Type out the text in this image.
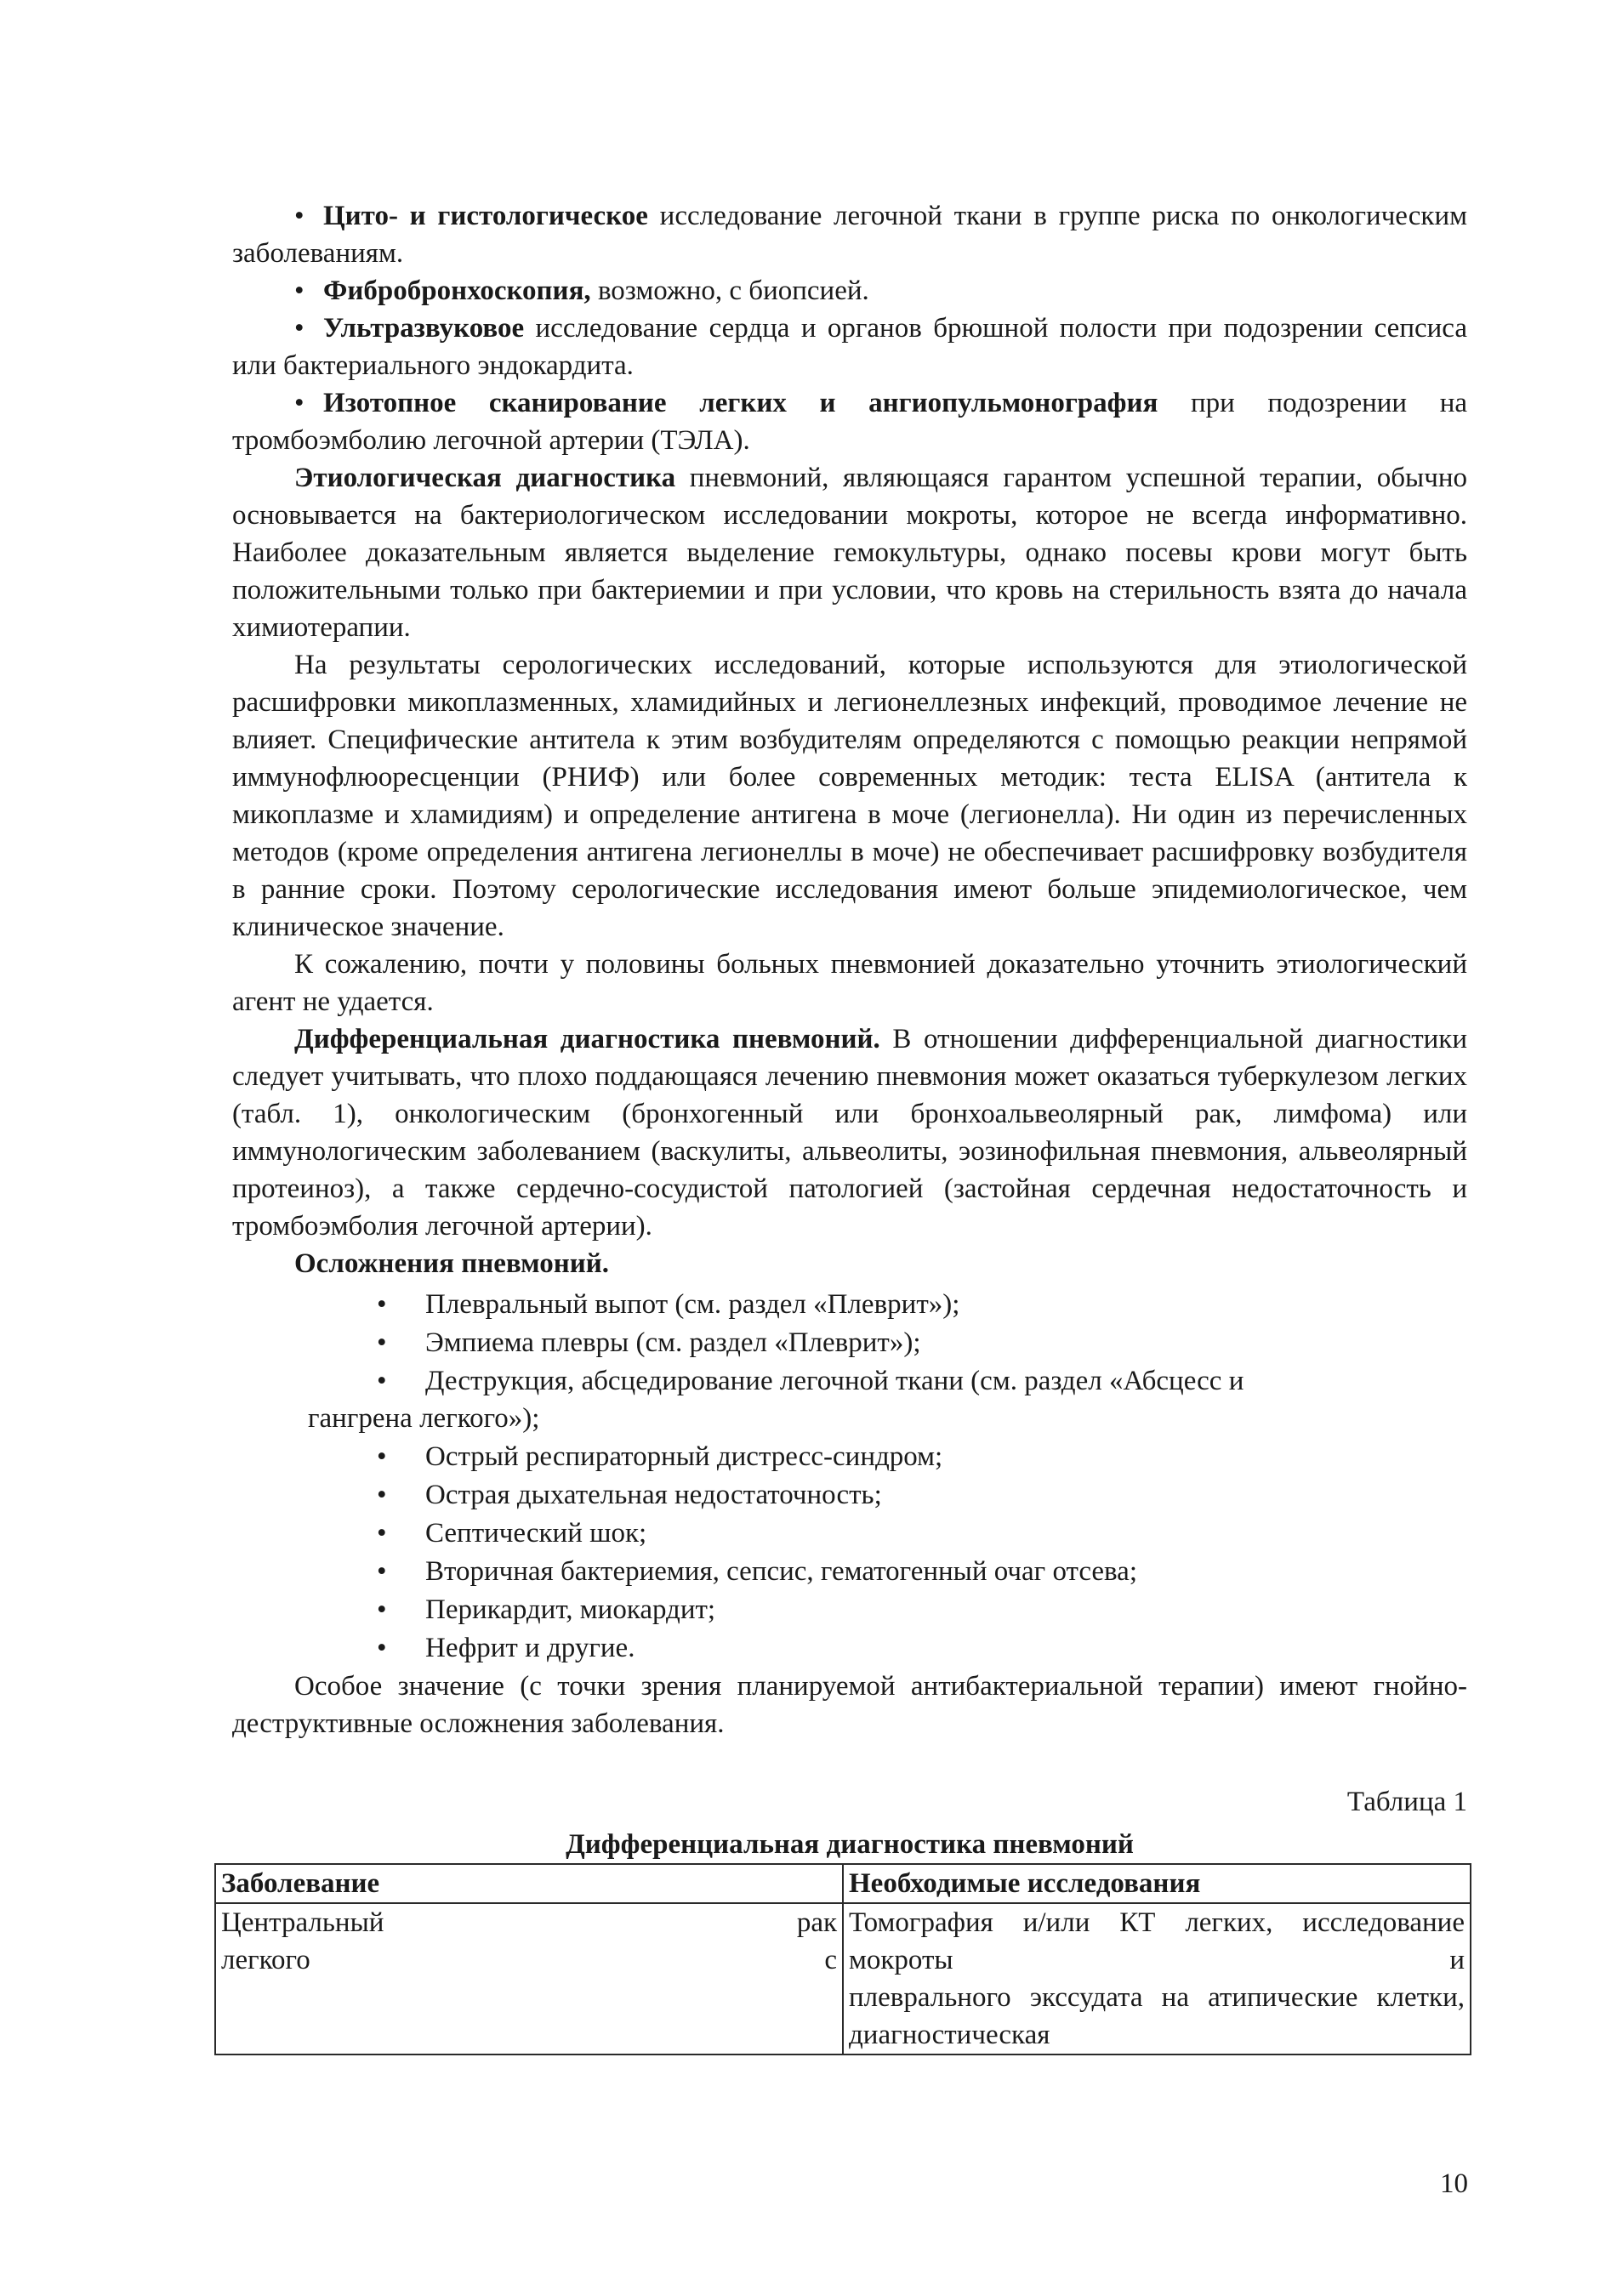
• Цито- и гистологическое исследование легочной ткани в группе риска по онкологическим заболеваниям.

• Фибробронхоскопия, возможно, с биопсией.

• Ультразвуковое исследование сердца и органов брюшной полости при подозрении сепсиса или бактериального эндокардита.

• Изотопное сканирование легких и ангиопульмонография при подозрении на тромбоэмболию легочной артерии (ТЭЛА).

Этиологическая диагностика пневмоний, являющаяся гарантом успешной терапии, обычно основывается на бактериологическом исследовании мокроты, которое не всегда информативно. Наиболее доказательным является выделение гемокультуры, однако посевы крови могут быть положительными только при бактериемии и при условии, что кровь на стерильность взята до начала химиотерапии.

На результаты серологических исследований, которые используются для этиологической расшифровки микоплазменных, хламидийных и легионеллезных инфекций, проводимое лечение не влияет. Специфические антитела к этим возбудителям определяются с помощью реакции непрямой иммунофлюоресценции (РНИФ) или более современных методик: теста ELISA (антитела к микоплазме и хламидиям) и определение антигена в моче (легионелла). Ни один из перечисленных методов (кроме определения антигена легионеллы в моче) не обеспечивает расшифровку возбудителя в ранние сроки. Поэтому серологические исследования имеют больше эпидемиологическое, чем клиническое значение.

К сожалению, почти у половины больных пневмонией доказательно уточнить этиологический агент не удается.

Дифференциальная диагностика пневмоний. В отношении дифференциальной диагностики следует учитывать, что плохо поддающаяся лечению пневмония может оказаться туберкулезом легких (табл. 1), онкологическим (бронхогенный или бронхоальвеолярный рак, лимфома) или иммунологическим заболеванием (васкулиты, альвеолиты, эозинофильная пневмония, альвеолярный протеиноз), а также сердечно-сосудистой патологией (застойная сердечная недостаточность и тромбоэмболия легочной артерии).

Осложнения пневмоний.

• Плевральный выпот (см. раздел «Плеврит»);
• Эмпиема плевры (см. раздел «Плеврит»);
• Деструкция, абсцедирование легочной ткани (см. раздел «Абсцесс и
гангрена легкого»);
• Острый респираторный дистресс-синдром;
• Острая дыхательная недостаточность;
• Септический шок;
• Вторичная бактериемия, сепсис, гематогенный очаг отсева;
• Перикардит, миокардит;
• Нефрит и другие.

Особое значение (с точки зрения планируемой антибактериальной терапии) имеют гнойно-деструктивные осложнения заболевания.

Таблица 1

Дифференциальная диагностика пневмоний

Заболевание	Необходимые исследования

Центральный рак
легкого с	Томография и/или КТ легких, исследование мокроты и
плеврального экссудата на атипические клетки, диагностическая
10
